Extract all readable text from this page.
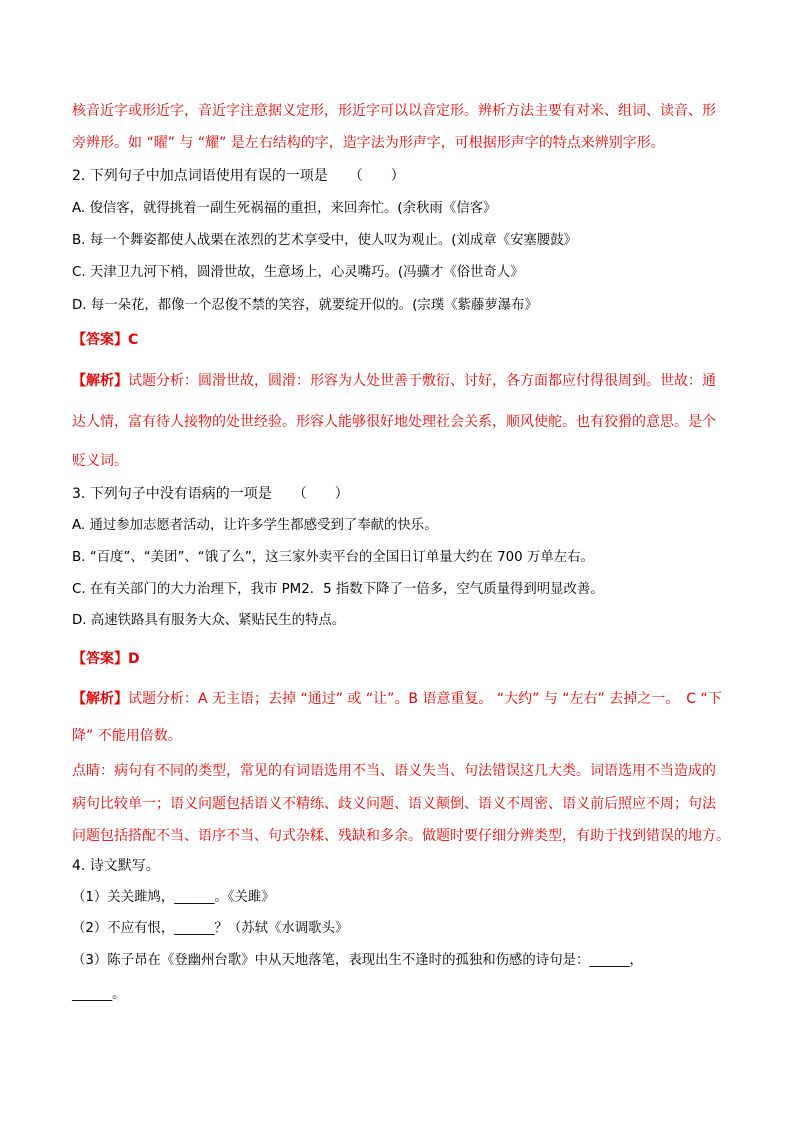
核音近字或形近字，音近字注意据义定形，形近字可以以音定形。辨析方法主要有对米、组词、读音、形
旁辨形。如 “曜” 与 “耀” 是左右结构的字，造字法为形声字，可根据形声字的特点来辨别字形。
2. 下列句子中加点词语使用有误的一项是　　（　　）
A. 俊信客，就得挑着一副生死祸福的重担，来回奔忙。(余秋雨《信客》
B. 每一个舞姿都使人战栗在浓烈的艺术享受中，使人叹为观止。(刘成章《安塞腰鼓》
C. 天津卫九河下梢，圆滑世故，生意场上，心灵嘴巧。(冯骥才《俗世奇人》
D. 每一朵花，都像一个忍俊不禁的笑容，就要绽开似的。(宗璞《紫藤萝瀑布》
【答案】C
【解析】试题分析：圆滑世故，圆滑：形容为人处世善于敷衍、讨好，各方面都应付得很周到。世故：通
达人情，富有待人接物的处世经验。形容人能够很好地处理社会关系，顺风使舵。也有狡猾的意思。是个
贬义词。
3. 下列句子中没有语病的一项是　　（　　）
A. 通过参加志愿者活动，让许多学生都感受到了奉献的快乐。
B. “百度”、“美团”、“饿了么”，这三家外卖平台的全国日订单量大约在 700 万单左右。
C. 在有关部门的大力治理下，我市 PM2．5 指数下降了一倍多，空气质量得到明显改善。
D. 高速铁路具有服务大众、紧贴民生的特点。
【答案】D
【解析】试题分析：A 无主语；去掉 “通过” 或 “让”。B 语意重复。 “大约” 与 “左右” 去掉之一。　C “下
降” 不能用倍数。
点睛：病句有不同的类型，常见的有词语选用不当、语义失当、句法错误这几大类。词语选用不当造成的
病句比较单一；语义问题包括语义不精练、歧义问题、语义颠倒、语义不周密、语义前后照应不周；句法
问题包括搭配不当、语序不当、句式杂糅、残缺和多余。做题时要仔细分辨类型，有助于找到错误的地方。
4. 诗文默写。
（1）关关雎鸠，______。《关雎》
（2）不应有恨，______？（苏轼《水调歌头》
（3）陈子昂在《登幽州台歌》中从天地落笔，表现出生不逢时的孤独和伤感的诗句是：______，
______。
